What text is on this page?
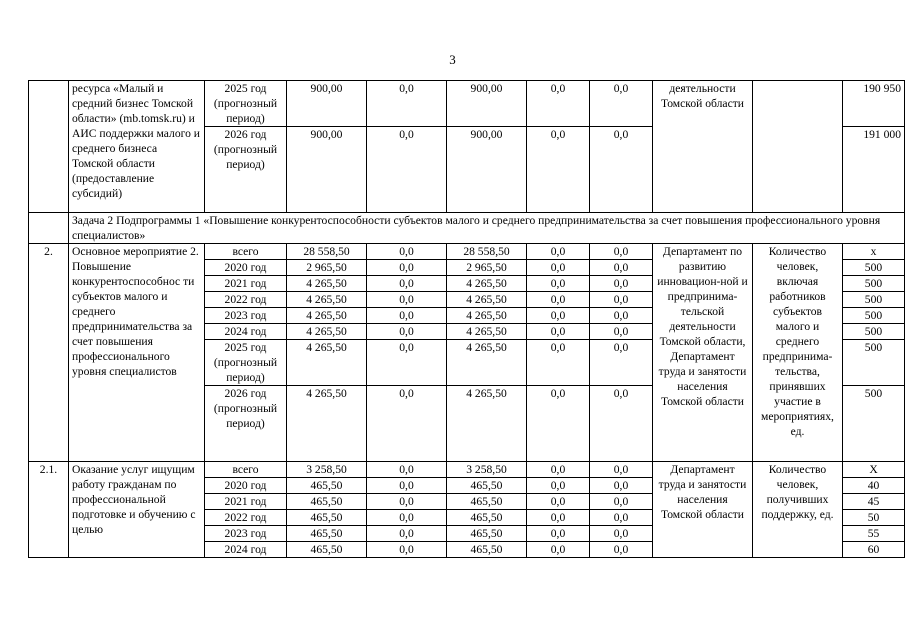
3
	ресурса «Малый и средний бизнес Томской области» (mb.tomsk.ru) и АИС поддержки малого и среднего бизнеса Томской области (предоставление субсидий)	2025 год (прогнозный период)	900,00	0,0	900,00	0,0	0,0	деятельности Томской области		190 950
		2026 год (прогнозный период)	900,00	0,0	900,00	0,0	0,0			191 000
	Задача 2 Подпрограммы 1 «Повышение конкурентоспособности субъектов малого и среднего предпринимательства за счет повышения профессионального уровня специалистов»									
2.	Основное мероприятие 2. Повышение конкурентоспособнос ти субъектов малого и среднего предпринимательства за счет повышения профессионального уровня специалистов	всего	28 558,50	0,0	28 558,50	0,0	0,0	Департамент по развитию инновацион-ной и предпринима-тельской деятельности Томской области, Департамент труда и занятости населения Томской области	Количество человек, включая работников субъектов малого и среднего предпринима-тельства, принявших участие в мероприятиях, ед.	х
		2020 год	2 965,50	0,0	2 965,50	0,0	0,0			500
		2021 год	4 265,50	0,0	4 265,50	0,0	0,0			500
		2022 год	4 265,50	0,0	4 265,50	0,0	0,0			500
		2023 год	4 265,50	0,0	4 265,50	0,0	0,0			500
		2024 год	4 265,50	0,0	4 265,50	0,0	0,0			500
		2025 год (прогнозный период)	4 265,50	0,0	4 265,50	0,0	0,0			500
		2026 год (прогнозный период)	4 265,50	0,0	4 265,50	0,0	0,0			500
2.1.	Оказание услуг ищущим работу гражданам по профессиональной подготовке и обучению с целью	всего	3 258,50	0,0	3 258,50	0,0	0,0	Департамент труда и занятости населения Томской области	Количество человек, получивших поддержку, ед.	Х
		2020 год	465,50	0,0	465,50	0,0	0,0			40
		2021 год	465,50	0,0	465,50	0,0	0,0			45
		2022 год	465,50	0,0	465,50	0,0	0,0			50
		2023 год	465,50	0,0	465,50	0,0	0,0			55
		2024 год	465,50	0,0	465,50	0,0	0,0			60
